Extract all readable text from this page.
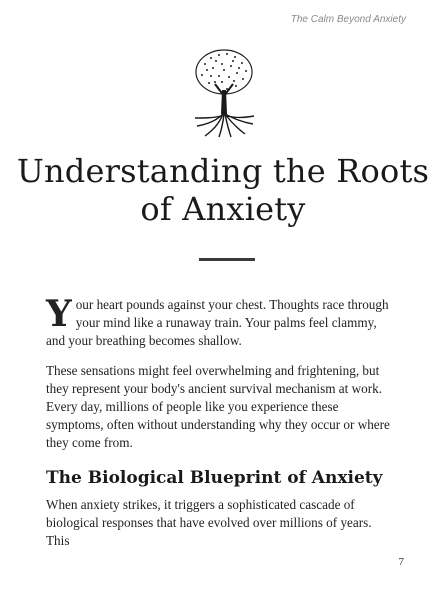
The Calm Beyond Anxiety
Understanding the Roots of Anxiety

Your heart pounds against your chest. Thoughts race through your mind like a runaway train. Your palms feel clammy, and your breathing becomes shallow.

These sensations might feel overwhelming and frightening, but they represent your body's ancient survival mechanism at work. Every day, millions of people like you experience these symptoms, often without understanding why they occur or where they come from.

The Biological Blueprint of Anxiety

When anxiety strikes, it triggers a sophisticated cascade of biological responses that have evolved over millions of years. This

7
